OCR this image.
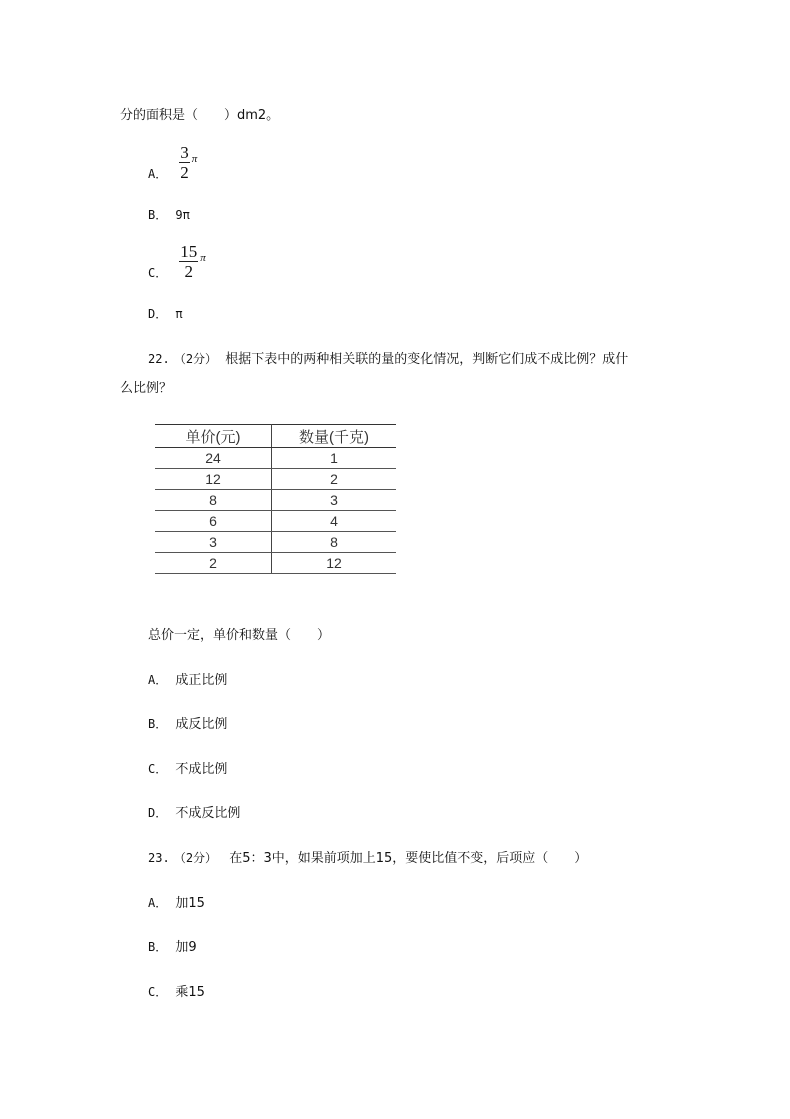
分的面积是（　　）dm2。
A． $\frac{3}{2}$ π
B． 9π
C． $\frac{15}{2}$ π
D． π
22. （2分） 根据下表中的两种相关联的量的变化情况，判断它们成不成比例？成什
么比例？
单价(元)	数量(千克)
24	1
12	2
8	3
6	4
3	8
2	12
总价一定，单价和数量（　　）
A． 成正比例
B． 成反比例
C． 不成比例
D． 不成反比例
23. （2分） 在5：3中，如果前项加上15，要使比值不变，后项应（　　）
A． 加15
B． 加9
C． 乘15
